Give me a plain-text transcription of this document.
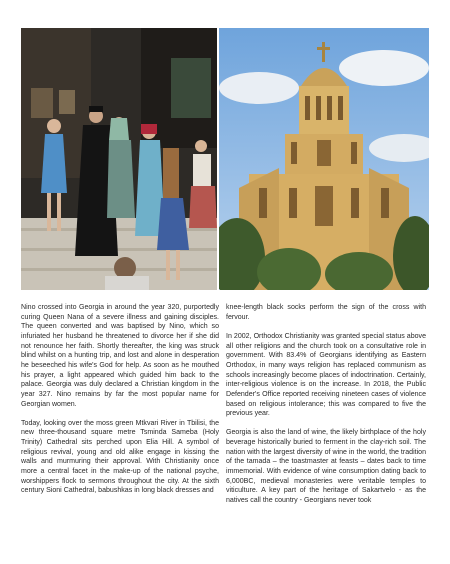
Nino crossed into Georgia in around the year 320, purportedly curing Queen Nana of a severe illness and gaining disciples. The queen converted and was baptised by Nino, which so infuriated her husband he threatened to divorce her if she did not renounce her faith. Shortly thereafter, the king was struck blind whilst on a hunting trip, and lost and alone in desperation he beseeched his wife's God for help. As soon as he mouthed his prayer, a light appeared which guided him back to the palace. Georgia was duly declared a Christian kingdom in the year 327. Nino remains by far the most popular name for Georgian women.

Today, looking over the moss green Mtkvari River in Tbilisi, the new three-thousand square metre Tsminda Sameba (Holy Trinity) Cathedral sits perched upon Elia Hill. A symbol of religious revival, young and old alike engage in kissing the walls and murmuring their approval. With Christianity once more a central facet in the make-up of the national psyche, worshippers flock to sermons throughout the city. At the sixth century Sioni Cathedral, babushkas in long black dresses and

knee-length black socks perform the sign of the cross with fervour.

In 2002, Orthodox Christianity was granted special status above all other religions and the church took on a consultative role in government. With 83.4% of Georgians identifying as Eastern Orthodox, in many ways religion has replaced communism as schools increasingly become places of indoctrination. Certainly, inter-religious violence is on the increase. In 2018, the Public Defender's Office reported receiving nineteen cases of violence based on religious intolerance; this was compared to five the previous year.

Georgia is also the land of wine, the likely birthplace of the holy beverage historically buried to ferment in the clay-rich soil. The nation with the largest diversity of wine in the world, the tradition of the tamada – the toastmaster at feasts – dates back to time immemorial. With evidence of wine consumption dating back to 6,000BC, medieval monasteries were veritable temples to viticulture. A key part of the heritage of Sakartvelo - as the natives call the country - Georgians never took
